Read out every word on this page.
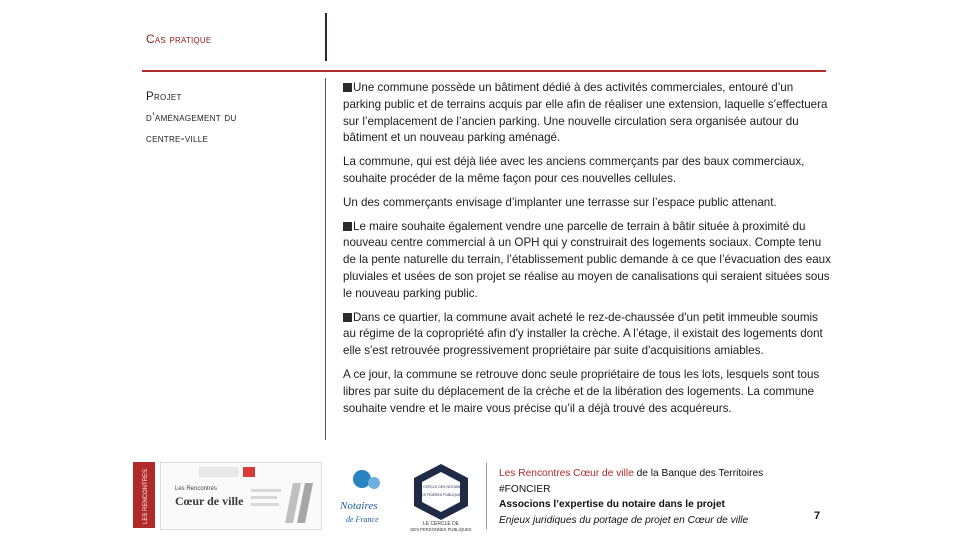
Cas pratique
Projet
d’aménagement du
centre-ville

Une commune possède un bâtiment dédié à des activités commerciales, entouré d’un parking public et de terrains acquis par elle afin de réaliser une extension, laquelle s’effectuera sur l’emplacement de l’ancien parking. Une nouvelle circulation sera organisée autour du bâtiment et un nouveau parking aménagé.

La commune, qui est déjà liée avec les anciens commerçants par des baux commerciaux, souhaite procéder de la même façon pour ces nouvelles cellules.

Un des commerçants envisage d’implanter une terrasse sur l’espace public attenant.

Le maire souhaite également vendre une parcelle de terrain à bâtir située à proximité du nouveau centre commercial à un OPH qui y construirait des logements sociaux. Compte tenu de la pente naturelle du terrain, l’établissement public demande à ce que l’évacuation des eaux pluviales et usées de son projet se réalise au moyen de canalisations qui seraient situées sous le nouveau parking public.

Dans ce quartier, la commune avait acheté le rez-de-chaussée d'un petit immeuble soumis au régime de la copropriété afin d'y installer la crèche. A l’étage, il existait des logements dont elle s'est retrouvée progressivement propriétaire par suite d'acquisitions amiables.

A ce jour, la commune se retrouve donc seule propriétaire de tous les lots, lesquels sont tous libres par suite du déplacement de la crèche et de la libération des logements. La commune souhaite vendre et le maire vous précise qu’il a déjà trouvé des acquéreurs.

LES RENCONTRES	Les Rencontres
Cœur de ville	Notaires
de France
LE CERCLE DES NOTAIRES
DES FIDÈRES PUBLIQUES
LE CERCLE DE
DES PERSONNES PUBLIQUES
Les Rencontres Cœur de ville de la Banque des Territoires
#FONCIER
Associons l’expertise du notaire dans le projet
Enjeux juridiques du portage de projet en Cœur de ville	7
